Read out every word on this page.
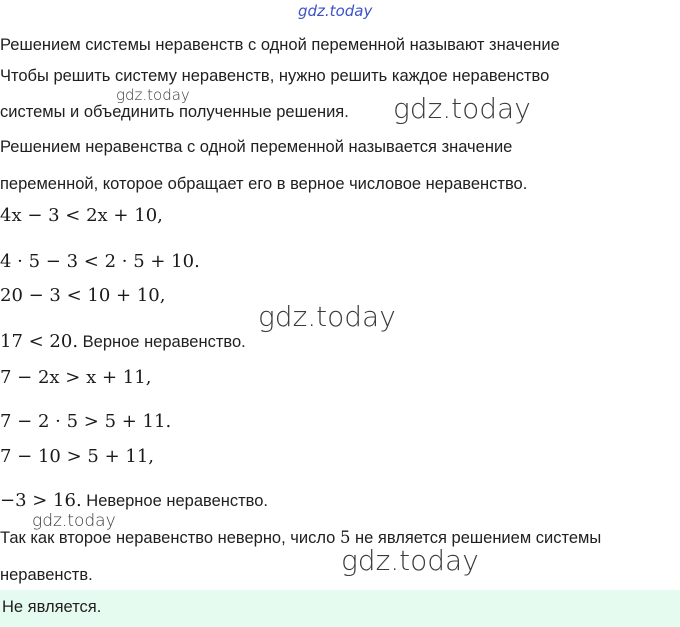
gdz.today
Решением системы неравенств с одной переменной называют значение
Чтобы решить систему неравенств, нужно решить каждое неравенство
gdz.today
системы и объединить полученные решения. gdz.today
Решением неравенства с одной переменной называется значение
переменной, которое обращает его в верное числовое неравенство.
4x − 3 < 2x + 10,
4 · 5 − 3 < 2 · 5 + 10.
20 − 3 < 10 + 10,
gdz.today
17 < 20. Верное неравенство.
7 − 2x > x + 11,
7 − 2 · 5 > 5 + 11.
7 − 10 > 5 + 11,
−3 > 16. Неверное неравенство.
gdz.today
Так как второе неравенство неверно, число 5 не является решением системы
gdz.today
неравенств.
Не является.
